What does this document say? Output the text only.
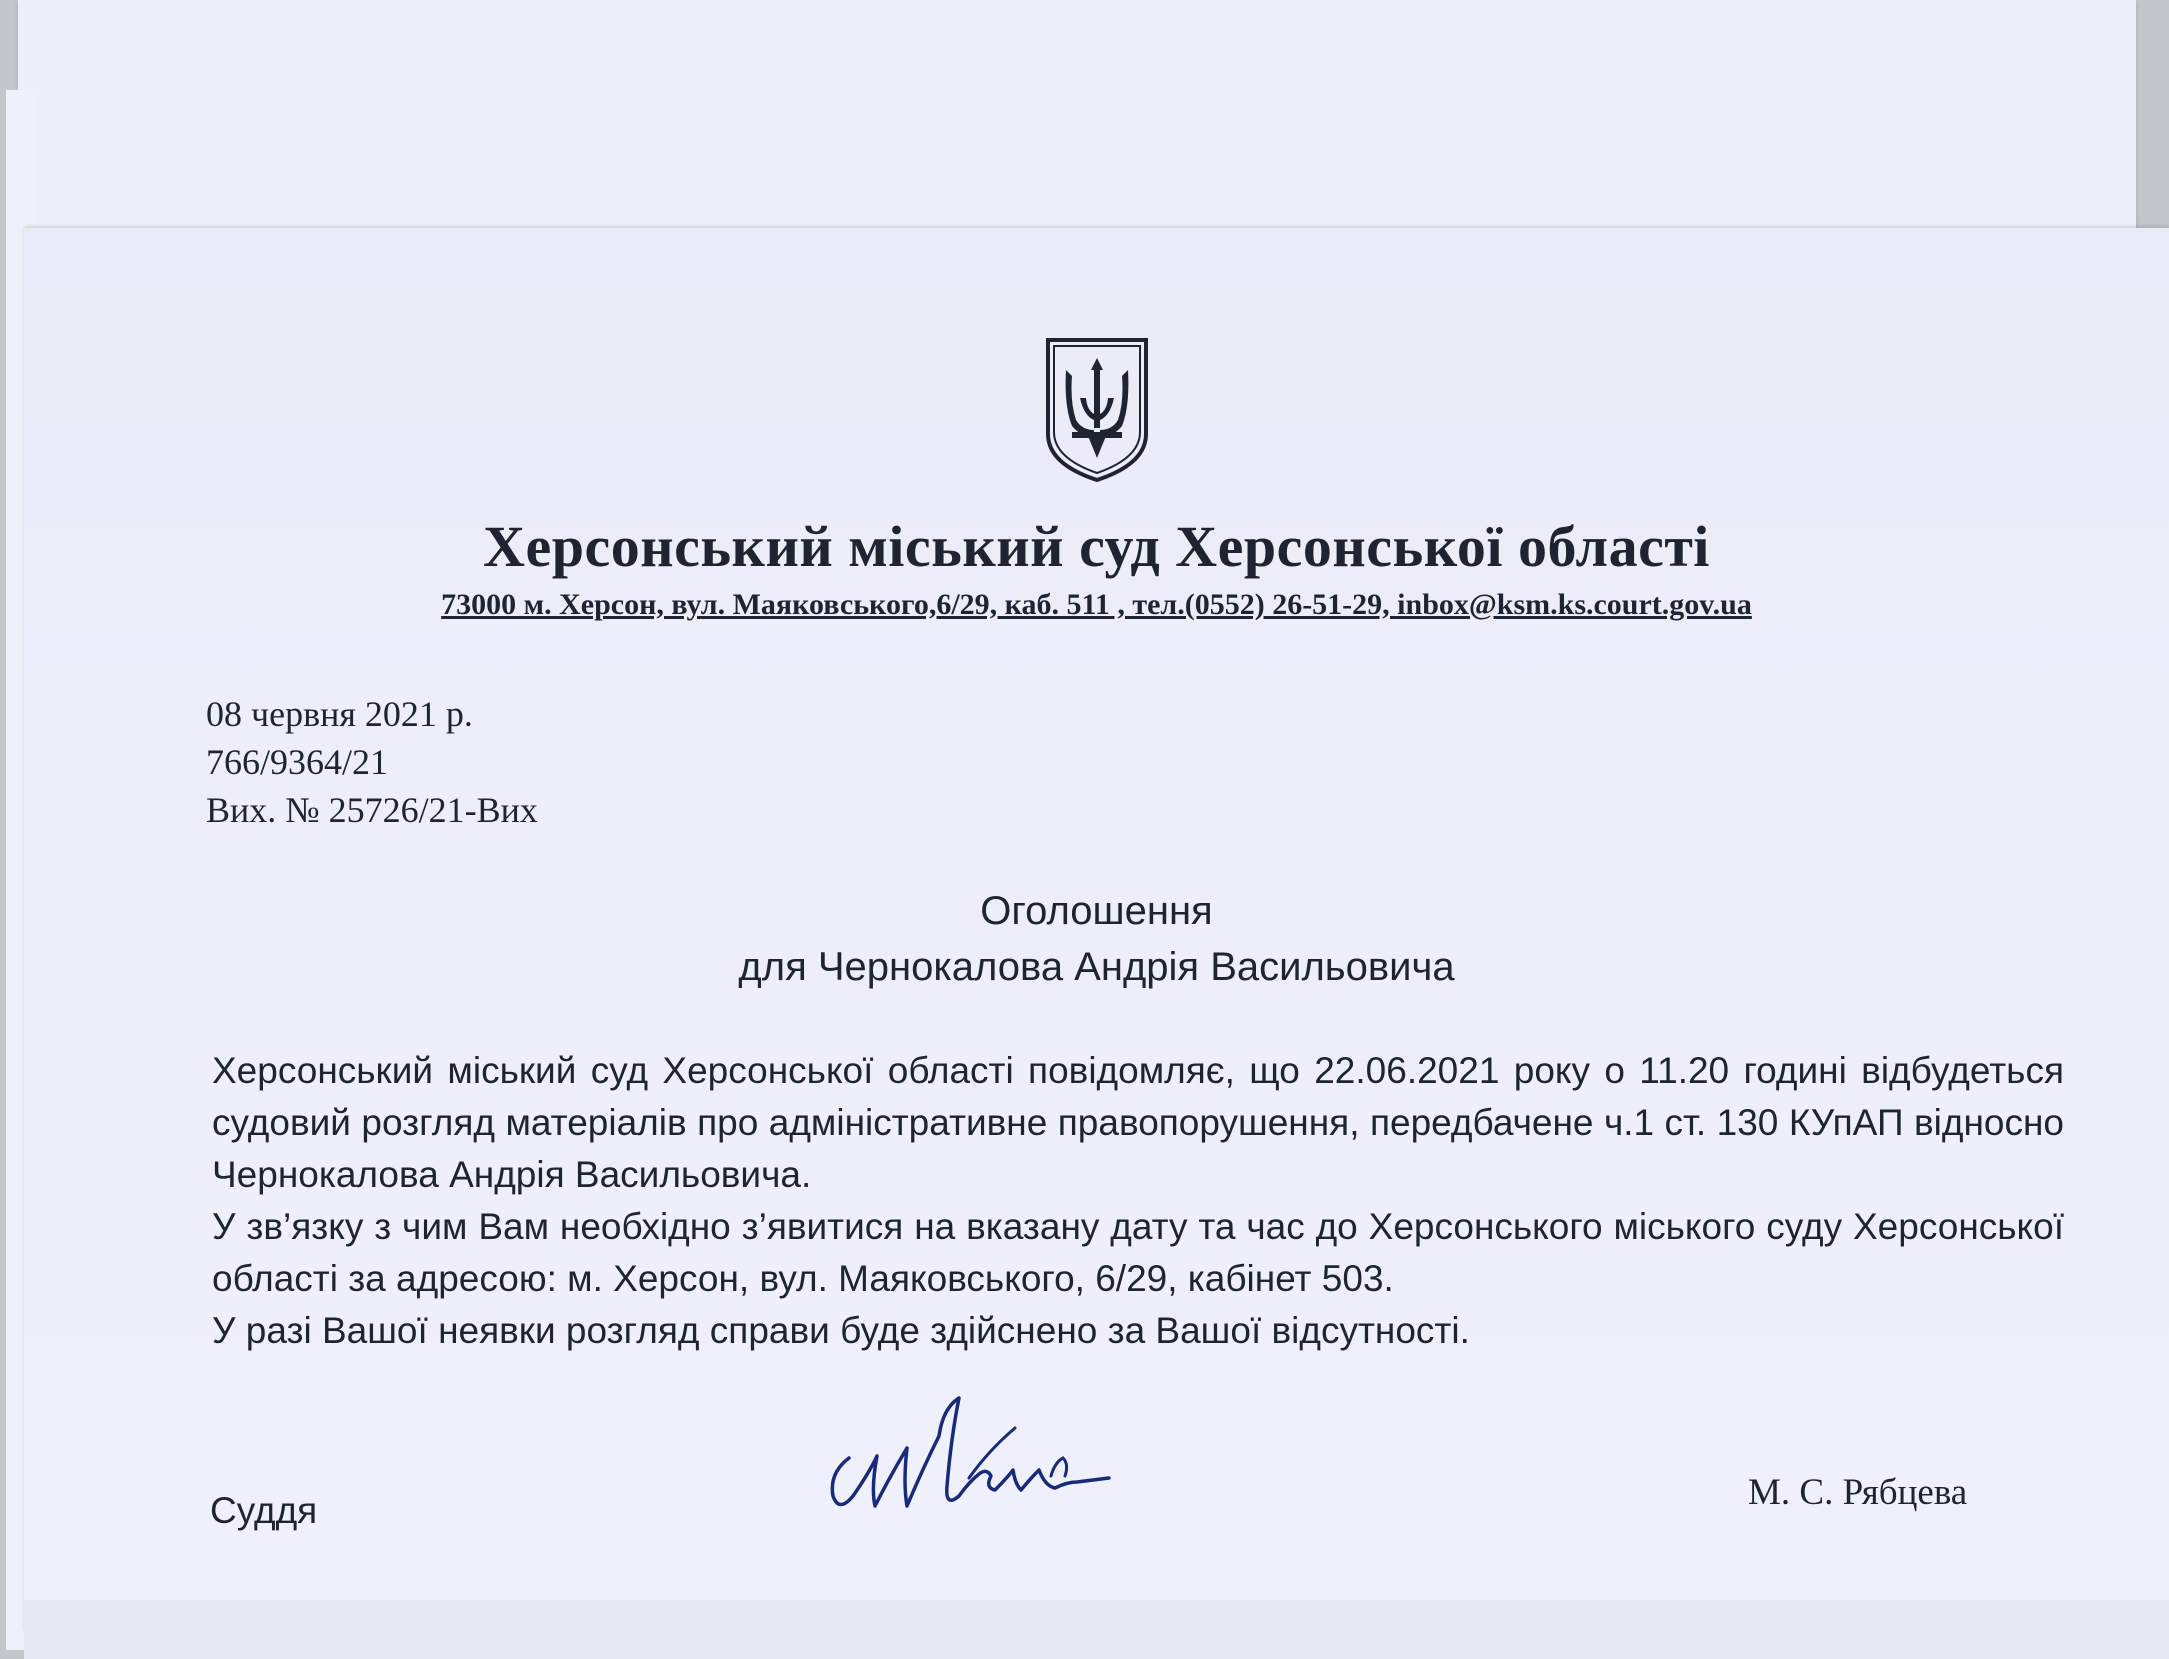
Херсонський міський суд Херсонської області
73000 м. Херсон, вул. Маяковського,6/29, каб. 511 , тел.(0552) 26-51-29, inbox@ksm.ks.court.gov.ua
08 червня 2021 р.
766/9364/21
Вих. № 25726/21-Вих
Оголошення
для Чернокалова Андрія Васильовича

Херсонський міський суд Херсонської області повідомляє, що 22.06.2021 року о 11.20 годині відбудеться судовий розгляд матеріалів про адміністративне правопорушення, передбачене ч.1 ст. 130 КУпАП відносно Чернокалова Андрія Васильовича.

У зв’язку з чим Вам необхідно з’явитися на вказану дату та час до Херсонського міського суду Херсонської області за адресою: м. Херсон, вул. Маяковського, 6/29, кабінет 503.

У разі Вашої неявки розгляд справи буде здійснено за Вашої відсутності.

Суддя	М. С. Рябцева
